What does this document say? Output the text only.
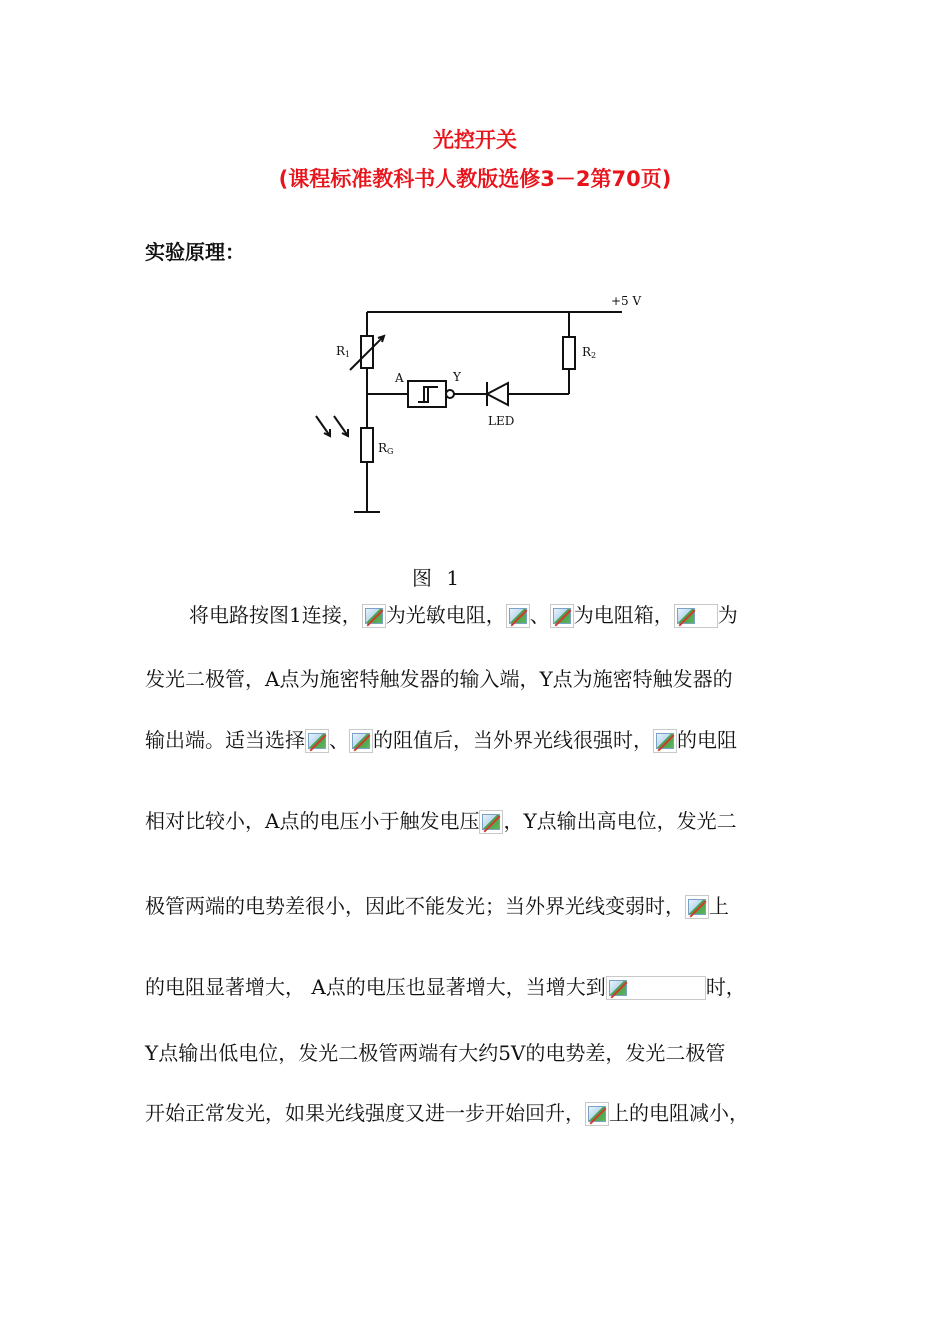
光控开关
(课程标准教科书人教版选修3－2第70页)
实验原理：
+5 V
R1	R2
RG
A	Y
LED
图 1
将电路按图1连接， 为光敏电阻， 、 为电阻箱， 为
发光二极管，A点为施密特触发器的输入端，Y点为施密特触发器的
输出端。适当选择 、 的阻值后，当外界光线很强时， 的电阻
相对比较小，A点的电压小于触发电压 ，Y点输出高电位，发光二
极管两端的电势差很小，因此不能发光；当外界光线变弱时， 上
的电阻显著增大， A点的电压也显著增大，当增大到	时，
Y点输出低电位，发光二极管两端有大约5V的电势差，发光二极管
开始正常发光，如果光线强度又进一步开始回升， 上的电阻减小，
